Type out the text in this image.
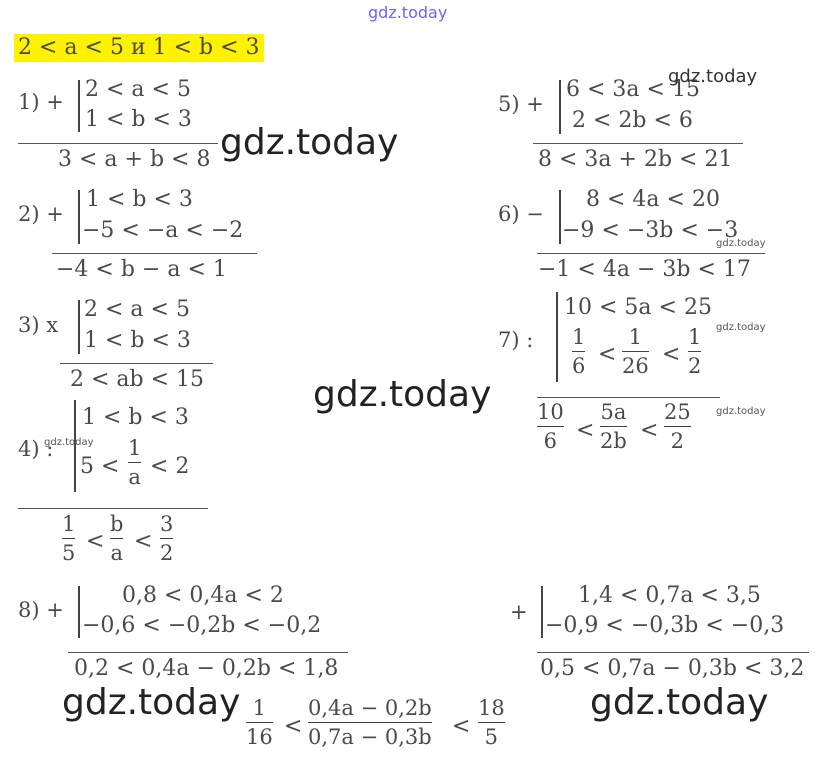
gdz.today
2 < a < 5 и 1 < b < 3
1) + 2 < a < 5
1 < b < 3
3 < a + b < 8 gdz.today
2) +
1 < b < 3
−5 < −a < −2
−4 < b − a < 1
3) x
2 < a < 5
1 < b < 3
2 < ab < 15	gdz.today
4) :
gdz.today
1 < b < 3
5 <
1
a < 2
1
5 <
b
a <
3
2
5) +
6 < 3a < 15
2 < 2b < 6
gdz.today
8 < 3a + 2b < 21
6) −
8 < 4a < 20
−9 < −3b < −3
gdz.today
−1 < 4a − 3b < 17
7) :
10 < 5a < 25
1
6 <
1
26 <
1
2
gdz.today
gdz.today
10
6 <
5a
2b <
25
2
8) +
0,8 < 0,4a < 2
−0,6 < −0,2b < −0,2
0,2 < 0,4a − 0,2b < 1,8
+
1,4 < 0,7a < 3,5
−0,9 < −0,3b < −0,3
0,5 < 0,7a − 0,3b < 3,2
gdz.today	gdz.today
1
16 <
0,4a − 0,2b
0,7a − 0,3b <
18
5
